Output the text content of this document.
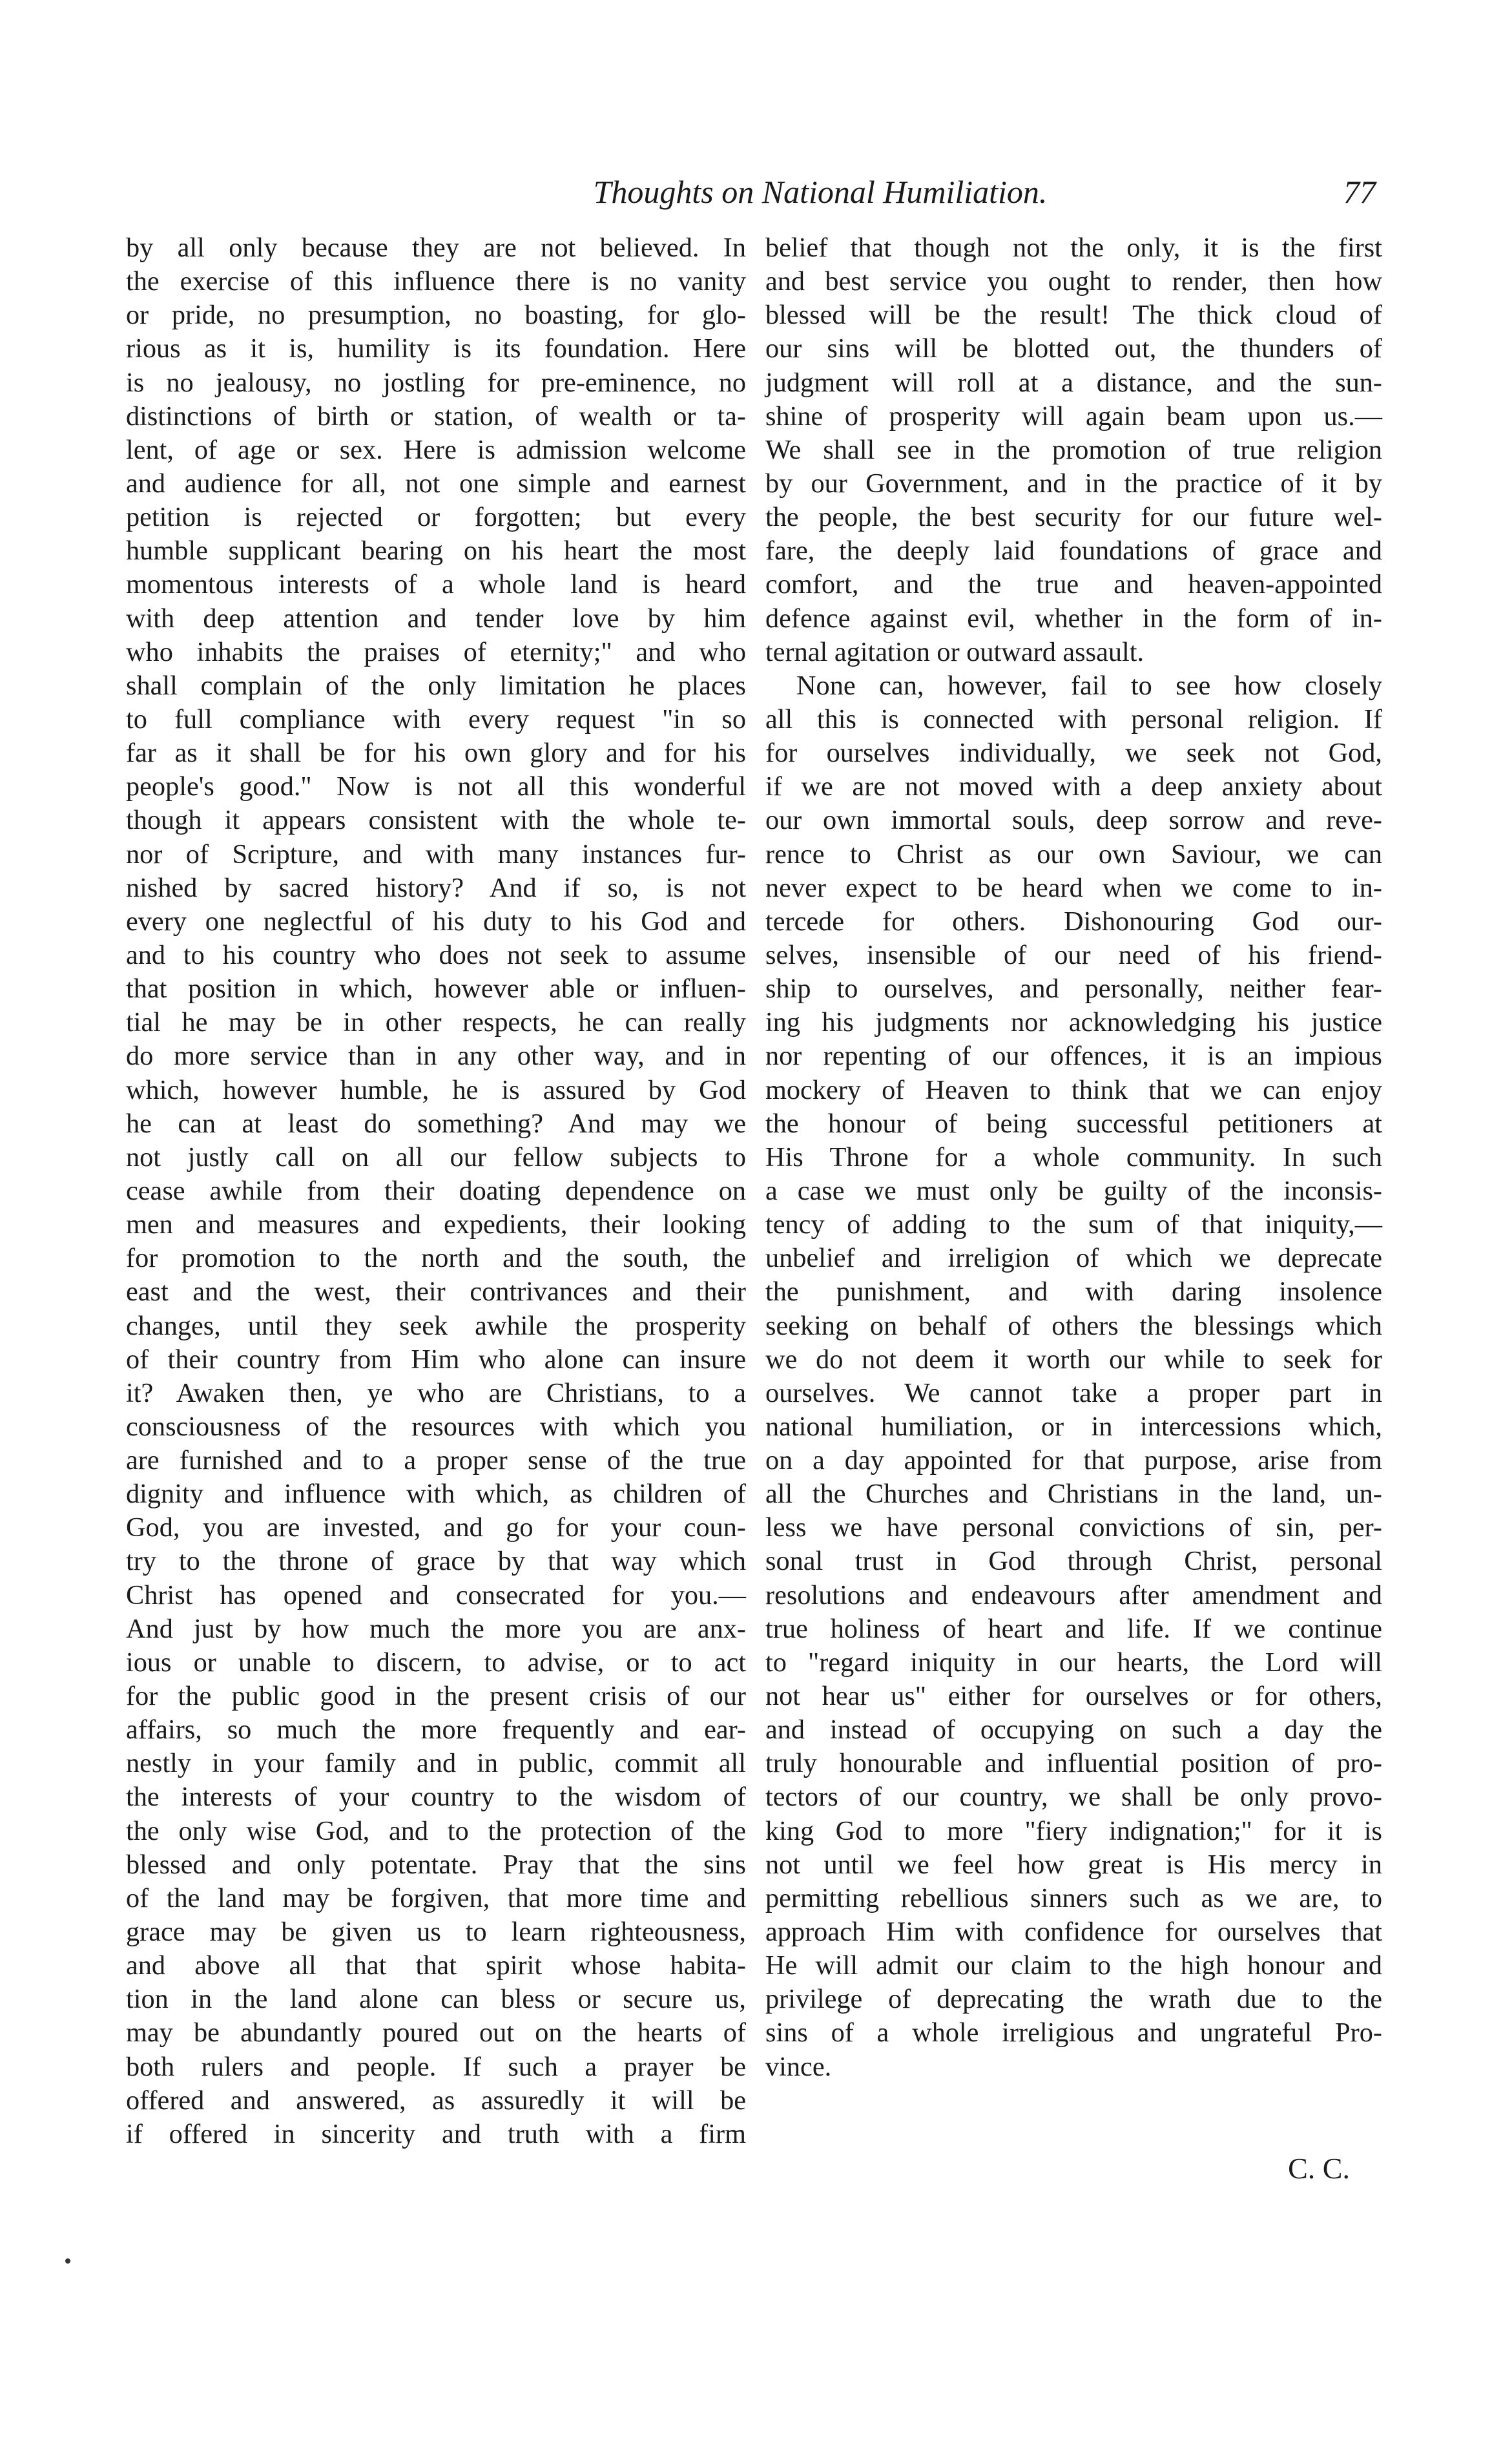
Thoughts on National Humiliation.	77
by all only because they are not believed. In
the exercise of this influence there is no vanity
or pride, no presumption, no boasting, for glo-
rious as it is, humility is its foundation. Here
is no jealousy, no jostling for pre-eminence, no
distinctions of birth or station, of wealth or ta-
lent, of age or sex. Here is admission welcome
and audience for all, not one simple and earnest
petition is rejected or forgotten; but every
humble supplicant bearing on his heart the most
momentous interests of a whole land is heard
with deep attention and tender love by him
who inhabits the praises of eternity;" and who
shall complain of the only limitation he places
to full compliance with every request "in so
far as it shall be for his own glory and for his
people's good." Now is not all this wonderful
though it appears consistent with the whole te-
nor of Scripture, and with many instances fur-
nished by sacred history? And if so, is not
every one neglectful of his duty to his God and
and to his country who does not seek to assume
that position in which, however able or influen-
tial he may be in other respects, he can really
do more service than in any other way, and in
which, however humble, he is assured by God
he can at least do something? And may we
not justly call on all our fellow subjects to
cease awhile from their doating dependence on
men and measures and expedients, their looking
for promotion to the north and the south, the
east and the west, their contrivances and their
changes, until they seek awhile the prosperity
of their country from Him who alone can insure
it? Awaken then, ye who are Christians, to a
consciousness of the resources with which you
are furnished and to a proper sense of the true
dignity and influence with which, as children of
God, you are invested, and go for your coun-
try to the throne of grace by that way which
Christ has opened and consecrated for you.—
And just by how much the more you are anx-
ious or unable to discern, to advise, or to act
for the public good in the present crisis of our
affairs, so much the more frequently and ear-
nestly in your family and in public, commit all
the interests of your country to the wisdom of
the only wise God, and to the protection of the
blessed and only potentate. Pray that the sins
of the land may be forgiven, that more time and
grace may be given us to learn righteousness,
and above all that that spirit whose habita-
tion in the land alone can bless or secure us,
may be abundantly poured out on the hearts of
both rulers and people. If such a prayer be
offered and answered, as assuredly it will be
if offered in sincerity and truth with a firm
belief that though not the only, it is the first
and best service you ought to render, then how
blessed will be the result! The thick cloud of
our sins will be blotted out, the thunders of
judgment will roll at a distance, and the sun-
shine of prosperity will again beam upon us.—
We shall see in the promotion of true religion
by our Government, and in the practice of it by
the people, the best security for our future wel-
fare, the deeply laid foundations of grace and
comfort, and the true and heaven-appointed
defence against evil, whether in the form of in-
ternal agitation or outward assault.
None can, however, fail to see how closely
all this is connected with personal religion. If
for ourselves individually, we seek not God,
if we are not moved with a deep anxiety about
our own immortal souls, deep sorrow and reve-
rence to Christ as our own Saviour, we can
never expect to be heard when we come to in-
tercede for others. Dishonouring God our-
selves, insensible of our need of his friend-
ship to ourselves, and personally, neither fear-
ing his judgments nor acknowledging his justice
nor repenting of our offences, it is an impious
mockery of Heaven to think that we can enjoy
the honour of being successful petitioners at
His Throne for a whole community. In such
a case we must only be guilty of the inconsis-
tency of adding to the sum of that iniquity,—
unbelief and irreligion of which we deprecate
the punishment, and with daring insolence
seeking on behalf of others the blessings which
we do not deem it worth our while to seek for
ourselves. We cannot take a proper part in
national humiliation, or in intercessions which,
on a day appointed for that purpose, arise from
all the Churches and Christians in the land, un-
less we have personal convictions of sin, per-
sonal trust in God through Christ, personal
resolutions and endeavours after amendment and
true holiness of heart and life. If we continue
to "regard iniquity in our hearts, the Lord will
not hear us" either for ourselves or for others,
and instead of occupying on such a day the
truly honourable and influential position of pro-
tectors of our country, we shall be only provo-
king God to more "fiery indignation;" for it is
not until we feel how great is His mercy in
permitting rebellious sinners such as we are, to
approach Him with confidence for ourselves that
He will admit our claim to the high honour and
privilege of deprecating the wrath due to the
sins of a whole irreligious and ungrateful Pro-
vince.
C. C.
